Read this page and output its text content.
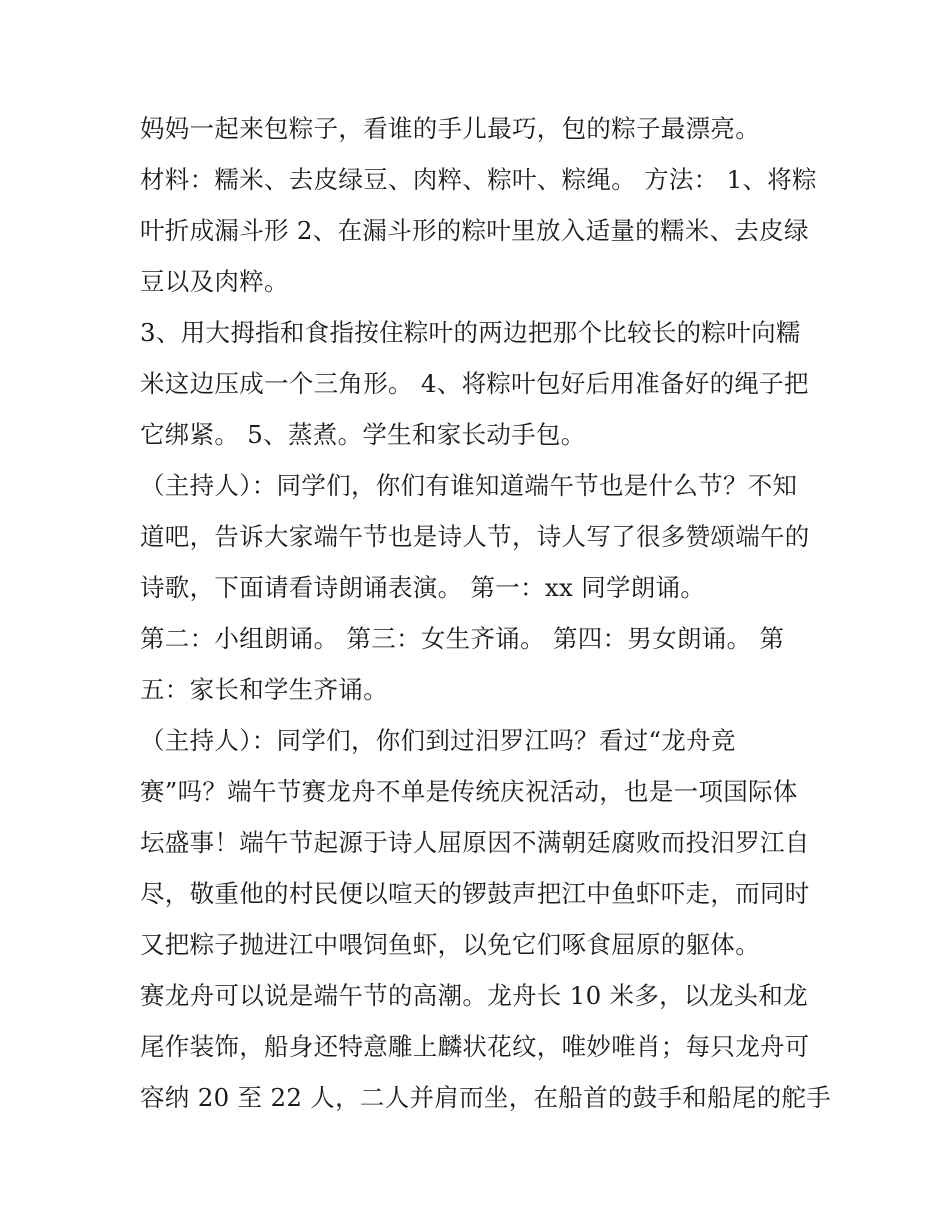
妈妈一起来包粽子，看谁的手儿最巧，包的粽子最漂亮。
材料：糯米、去皮绿豆、肉粹、粽叶、粽绳。 方法： 1、将粽
叶折成漏斗形 2、在漏斗形的粽叶里放入适量的糯米、去皮绿
豆以及肉粹。
3、用大拇指和食指按住粽叶的两边把那个比较长的粽叶向糯
米这边压成一个三角形。 4、将粽叶包好后用准备好的绳子把
它绑紧。 5、蒸煮。学生和家长动手包。
（主持人）：同学们，你们有谁知道端午节也是什么节？不知
道吧，告诉大家端午节也是诗人节，诗人写了很多赞颂端午的
诗歌，下面请看诗朗诵表演。 第一：xx 同学朗诵。
第二：小组朗诵。 第三：女生齐诵。 第四：男女朗诵。 第
五：家长和学生齐诵。
（主持人）：同学们，你们到过汨罗江吗？看过“龙舟竞
赛”吗？端午节赛龙舟不单是传统庆祝活动，也是一项国际体
坛盛事！端午节起源于诗人屈原因不满朝廷腐败而投汨罗江自
尽，敬重他的村民便以喧天的锣鼓声把江中鱼虾吓走，而同时
又把粽子抛进江中喂饲鱼虾，以免它们啄食屈原的躯体。
赛龙舟可以说是端午节的高潮。龙舟长 10 米多，以龙头和龙
尾作装饰，船身还特意雕上麟状花纹，唯妙唯肖；每只龙舟可
容纳 20 至 22 人，二人并肩而坐，在船首的鼓手和船尾的舵手
